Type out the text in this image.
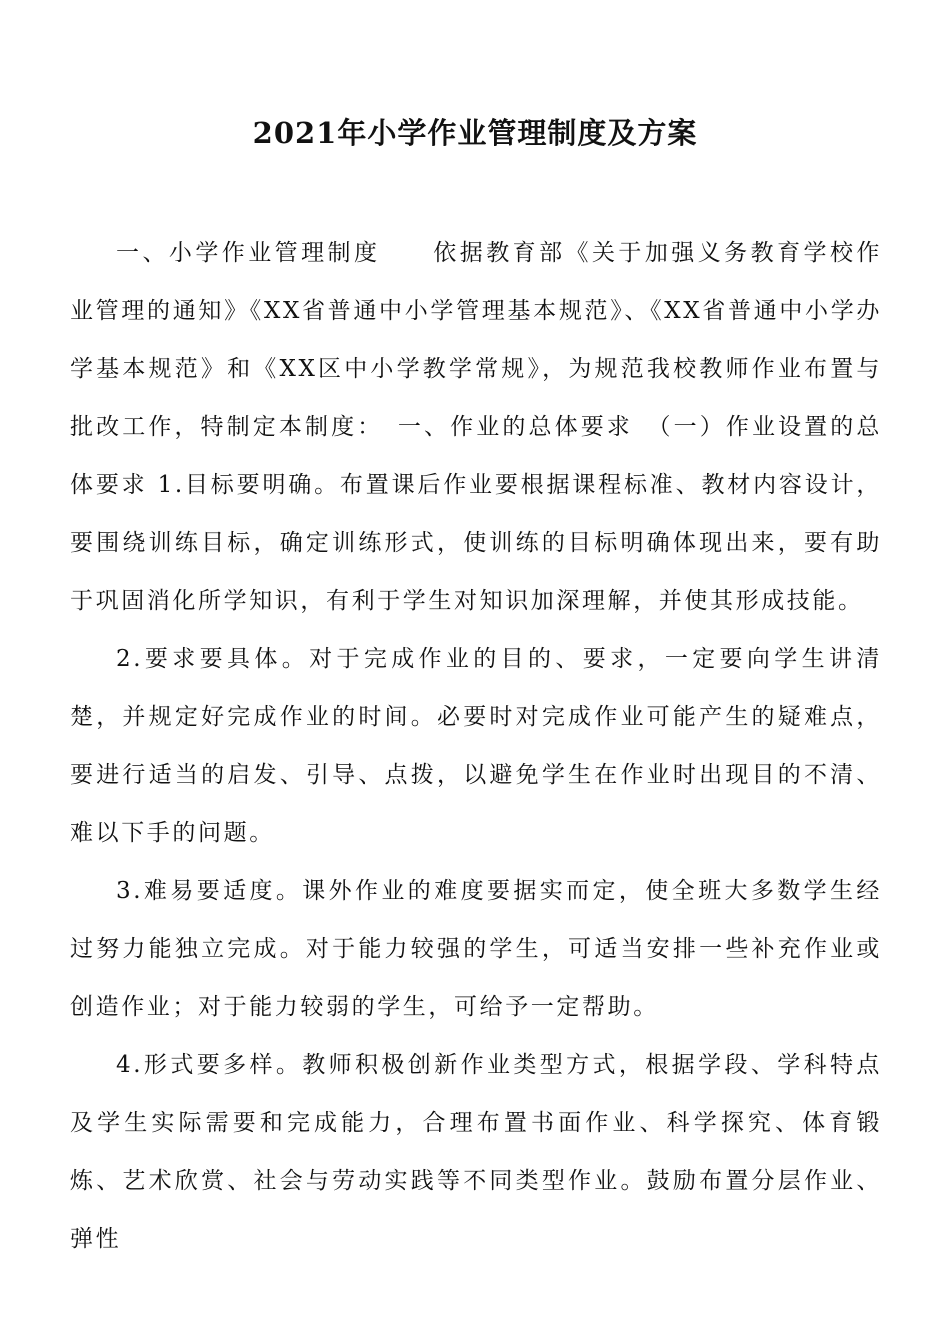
2021年小学作业管理制度及方案

一、小学作业管理制度　　依据教育部《关于加强义务教育学校作业管理的通知》《XX省普通中小学管理基本规范》、《XX省普通中小学办学基本规范》和《XX区中小学教学常规》，为规范我校教师作业布置与批改工作，特制定本制度：　一、作业的总体要求　（一）作业设置的总体要求 1.目标要明确。布置课后作业要根据课程标准、教材内容设计，要围绕训练目标，确定训练形式，使训练的目标明确体现出来，要有助于巩固消化所学知识，有利于学生对知识加深理解，并使其形成技能。

2.要求要具体。对于完成作业的目的、要求，一定要向学生讲清楚，并规定好完成作业的时间。必要时对完成作业可能产生的疑难点，要进行适当的启发、引导、点拨，以避免学生在作业时出现目的不清、难以下手的问题。

3.难易要适度。课外作业的难度要据实而定，使全班大多数学生经过努力能独立完成。对于能力较强的学生，可适当安排一些补充作业或创造作业；对于能力较弱的学生，可给予一定帮助。

4.形式要多样。教师积极创新作业类型方式，根据学段、学科特点及学生实际需要和完成能力，合理布置书面作业、科学探究、体育锻炼、艺术欣赏、社会与劳动实践等不同类型作业。鼓励布置分层作业、弹性
